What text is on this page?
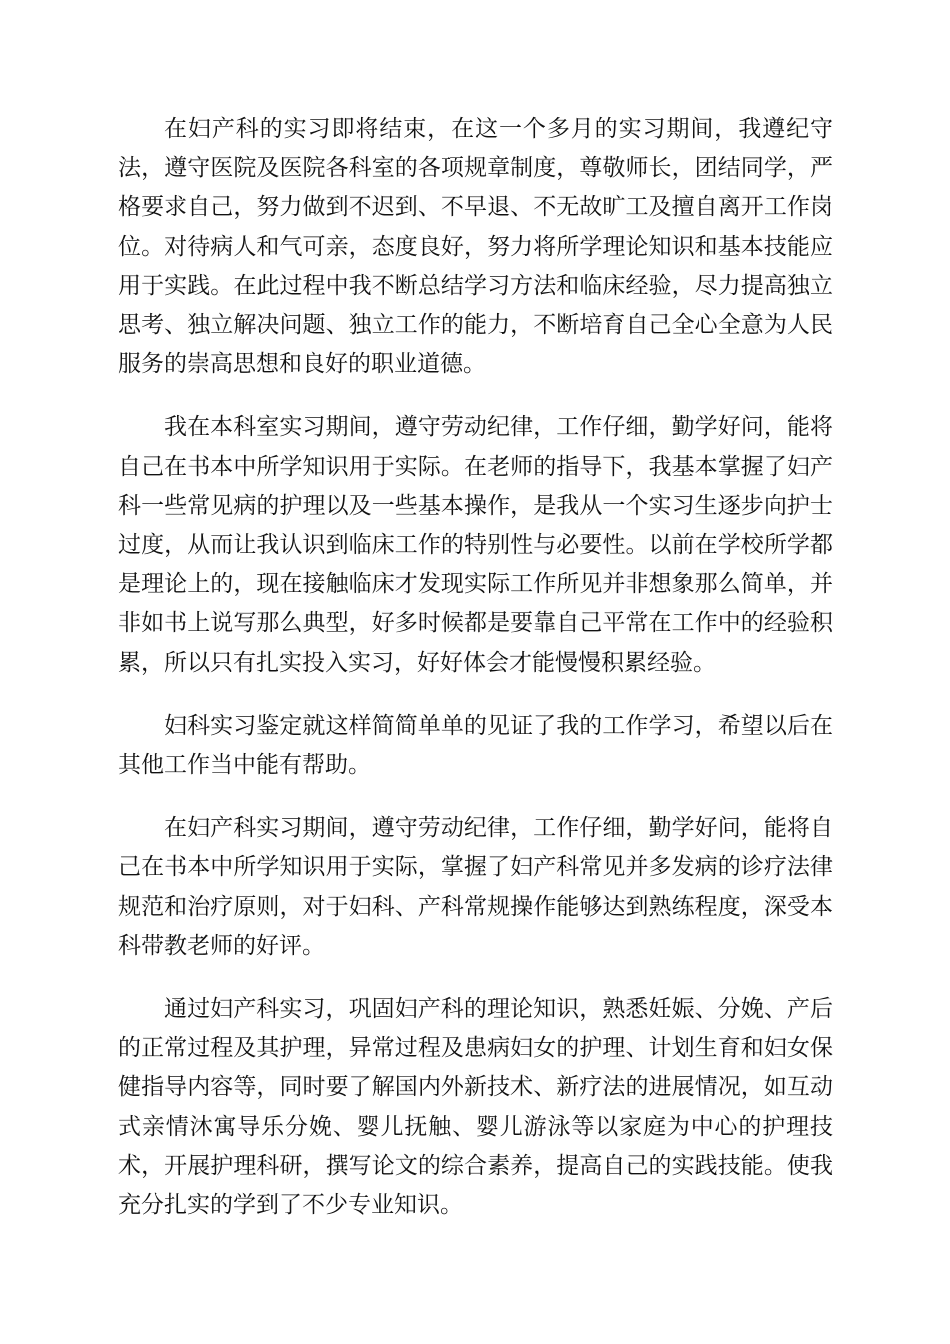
在妇产科的实习即将结束，在这一个多月的实习期间，我遵纪守法，遵守医院及医院各科室的各项规章制度，尊敬师长，团结同学，严格要求自己，努力做到不迟到、不早退、不无故旷工及擅自离开工作岗位。对待病人和气可亲，态度良好，努力将所学理论知识和基本技能应用于实践。在此过程中我不断总结学习方法和临床经验，尽力提高独立思考、独立解决问题、独立工作的能力，不断培育自己全心全意为人民服务的崇高思想和良好的职业道德。

我在本科室实习期间，遵守劳动纪律，工作仔细，勤学好问，能将自己在书本中所学知识用于实际。在老师的指导下，我基本掌握了妇产科一些常见病的护理以及一些基本操作，是我从一个实习生逐步向护士过度，从而让我认识到临床工作的特别性与必要性。以前在学校所学都是理论上的，现在接触临床才发现实际工作所见并非想象那么简单，并非如书上说写那么典型，好多时候都是要靠自己平常在工作中的经验积累，所以只有扎实投入实习，好好体会才能慢慢积累经验。

妇科实习鉴定就这样简简单单的见证了我的工作学习，希望以后在其他工作当中能有帮助。

在妇产科实习期间，遵守劳动纪律，工作仔细，勤学好问，能将自己在书本中所学知识用于实际，掌握了妇产科常见并多发病的诊疗法律规范和治疗原则，对于妇科、产科常规操作能够达到熟练程度，深受本科带教老师的好评。

通过妇产科实习，巩固妇产科的理论知识，熟悉妊娠、分娩、产后的正常过程及其护理，异常过程及患病妇女的护理、计划生育和妇女保健指导内容等，同时要了解国内外新技术、新疗法的进展情况，如互动式亲情沐寓导乐分娩、婴儿抚触、婴儿游泳等以家庭为中心的护理技术，开展护理科研，撰写论文的综合素养，提高自己的实践技能。使我充分扎实的学到了不少专业知识。
